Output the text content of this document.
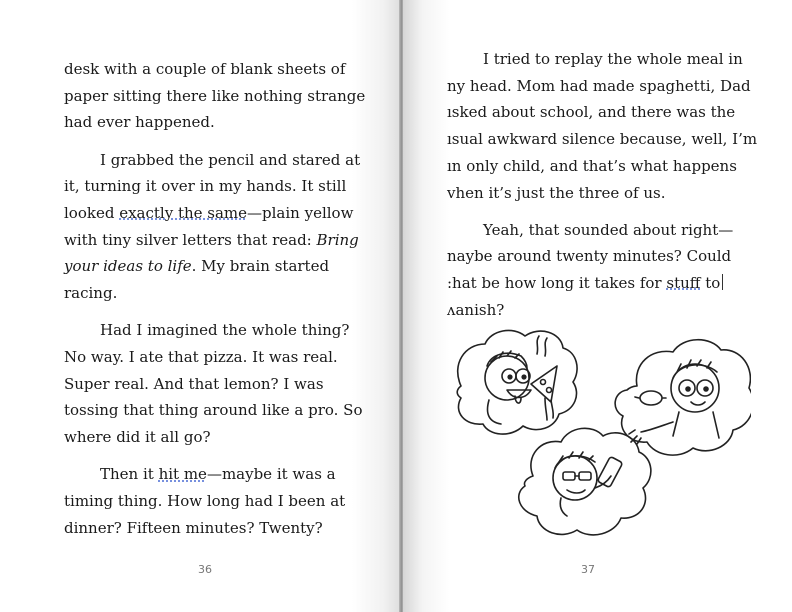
desk with a couple of blank sheets of
paper sitting there like nothing strange
had ever happened.

I grabbed the pencil and stared at
it, turning it over in my hands. It still
looked exactly the same—plain yellow
with tiny silver letters that read: Bring
your ideas to life. My brain started
racing.

Had I imagined the whole thing?
No way. I ate that pizza. It was real.
Super real. And that lemon? I was
tossing that thing around like a pro. So
where did it all go?

Then it hit me—maybe it was a
timing thing. How long had I been at
dinner? Fifteen minutes? Twenty?

36

I tried to replay the whole meal in
ny head. Mom had made spaghetti, Dad
ısked about school, and there was the
ısual awkward silence because, well, I’m
ın only child, and that’s what happens
vhen it’s just the three of us.

Yeah, that sounded about right—
naybe around twenty minutes? Could
:hat be how long it takes for stuff to
ʌanish?

37
